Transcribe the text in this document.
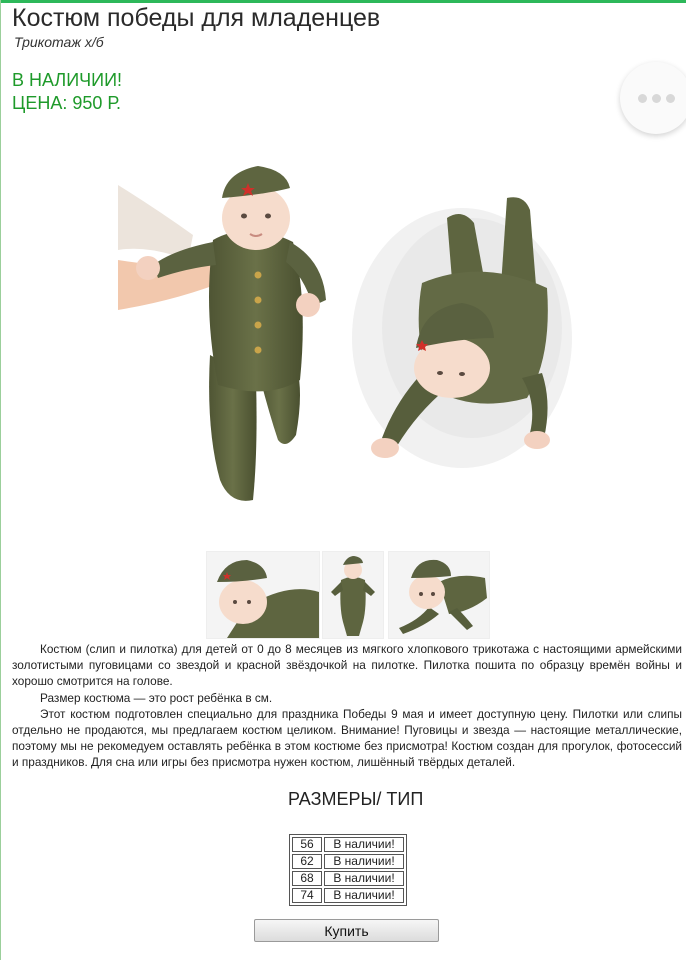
Костюм победы для младенцев
Трикотаж х/б
В НАЛИЧИИ!
ЦЕНА: 950 Р.

Костюм (слип и пилотка) для детей от 0 до 8 месяцев из мягкого хлопкового трикотажа с настоящими армейскими золотистыми пуговицами со звездой и красной звёздочкой на пилотке. Пилотка пошита по образцу времён войны и хорошо смотрится на голове.

Размер костюма — это рост ребёнка в см.

Этот костюм подготовлен специально для праздника Победы 9 мая и имеет доступную цену. Пилотки или слипы отдельно не продаются, мы предлагаем костюм целиком. Внимание! Пуговицы и звезда — настоящие металлические, поэтому мы не рекомедуем оставлять ребёнка в этом костюме без присмотра! Костюм создан для прогулок, фотосессий и праздников. Для сна или игры без присмотра нужен костюм, лишённый твёрдых деталей.

РАЗМЕРЫ/ ТИП
56	В наличии!
62	В наличии!
68	В наличии!
74	В наличии!
Купить
